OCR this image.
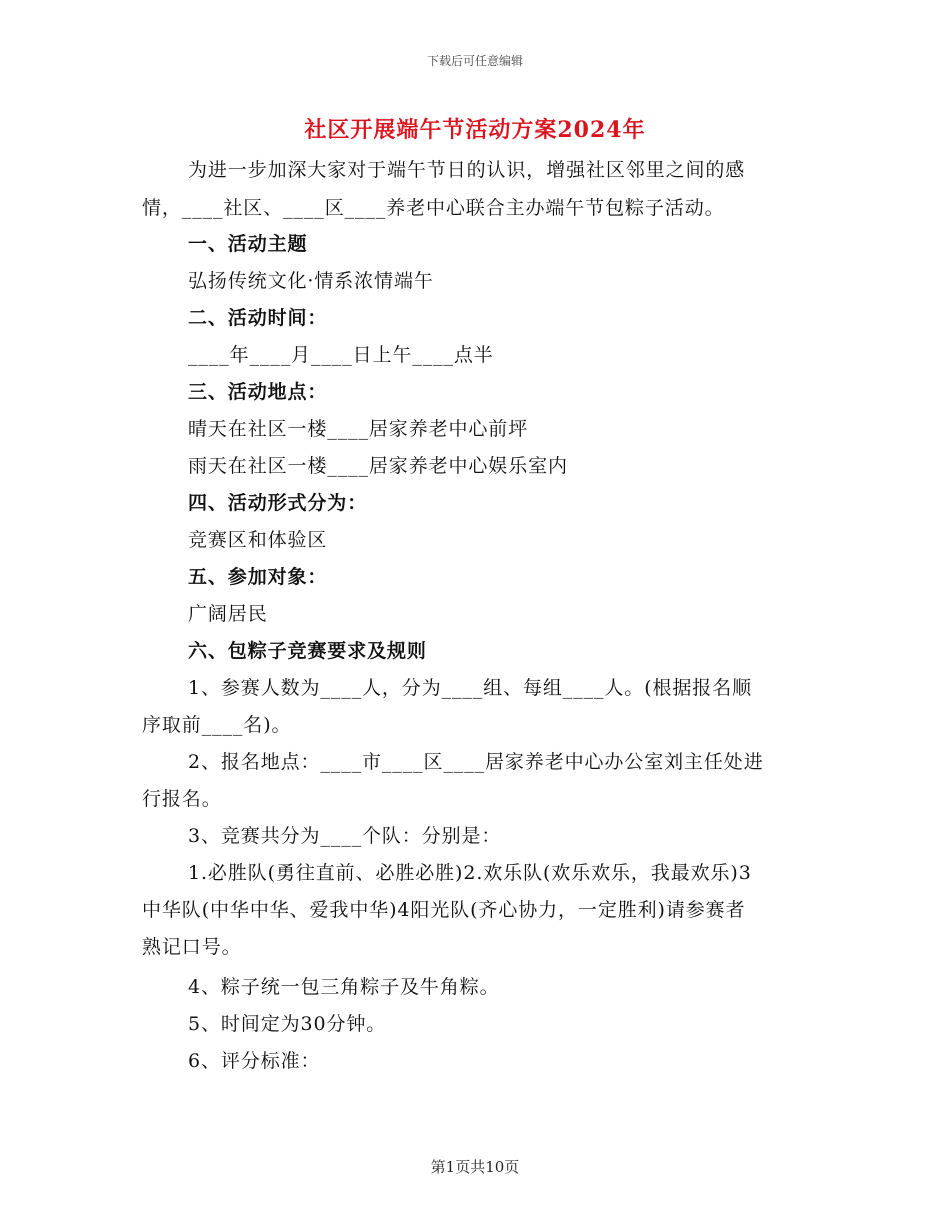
下载后可任意编辑
社区开展端午节活动方案2024年
为进一步加深大家对于端午节日的认识，增强社区邻里之间的感
情，____社区、____区____养老中心联合主办端午节包粽子活动。
一、活动主题
弘扬传统文化·情系浓情端午
二、活动时间：
____年____月____日上午____点半
三、活动地点：
晴天在社区一楼____居家养老中心前坪
雨天在社区一楼____居家养老中心娱乐室内
四、活动形式分为：
竞赛区和体验区
五、参加对象：
广阔居民
六、包粽子竞赛要求及规则
1、参赛人数为____人，分为____组、每组____人。(根据报名顺
序取前____名)。
2、报名地点：____市____区____居家养老中心办公室刘主任处进
行报名。
3、竞赛共分为____个队：分别是：
1.必胜队(勇往直前、必胜必胜)2.欢乐队(欢乐欢乐，我最欢乐)3
中华队(中华中华、爱我中华)4阳光队(齐心协力，一定胜利)请参赛者
熟记口号。
4、粽子统一包三角粽子及牛角粽。
5、时间定为30分钟。
6、评分标准：
第1页共10页
